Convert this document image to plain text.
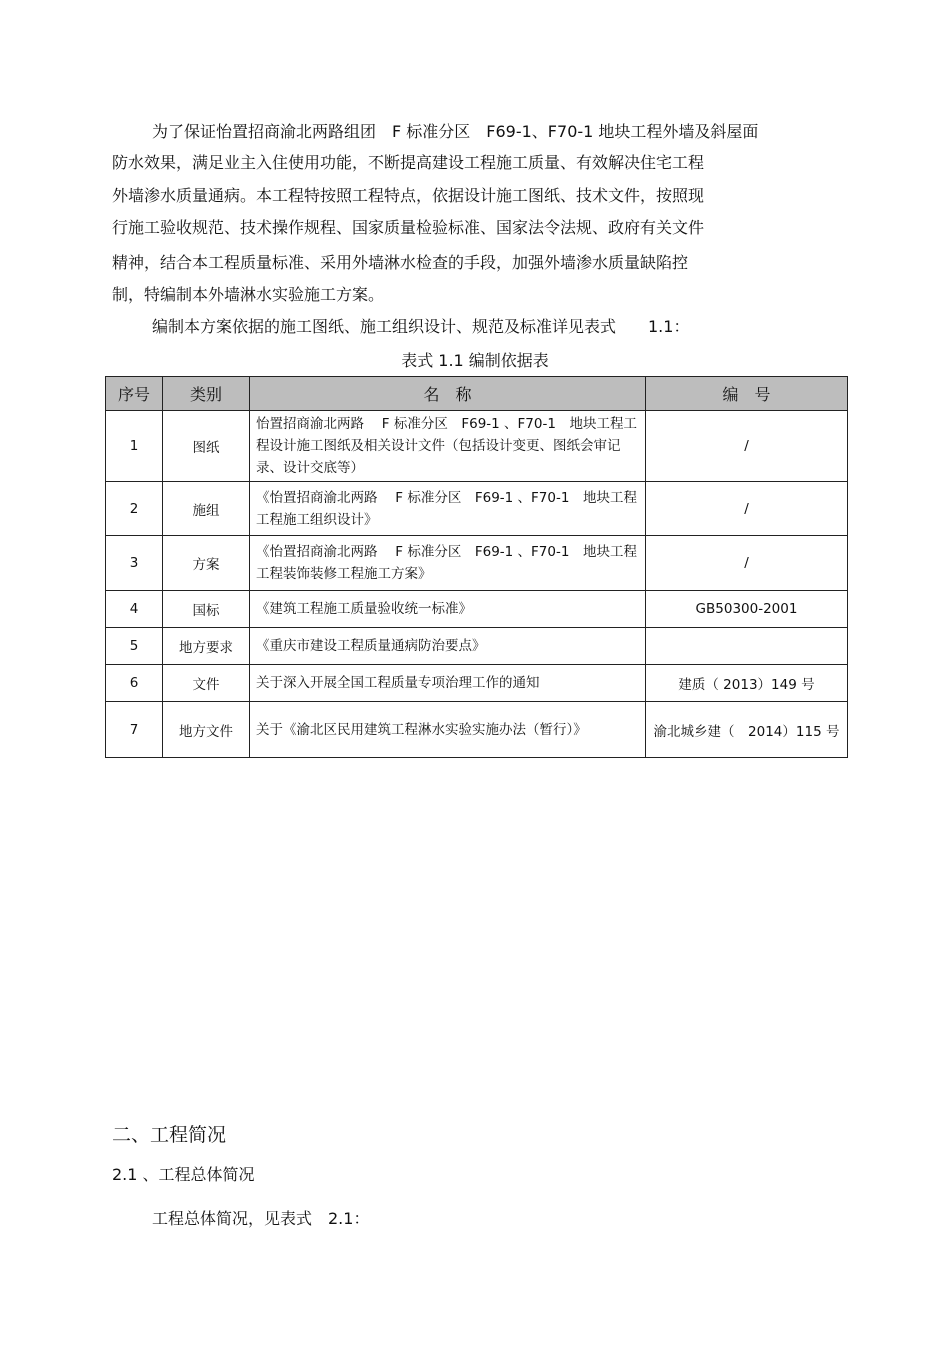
为了保证怡置招商渝北两路组团　F 标准分区　F69-1、F70-1 地块工程外墙及斜屋面
防水效果，满足业主入住使用功能，不断提高建设工程施工质量、有效解决住宅工程
外墙渗水质量通病。本工程特按照工程特点，依据设计施工图纸、技术文件，按照现
行施工验收规范、技术操作规程、国家质量检验标准、国家法令法规、政府有关文件
精神，结合本工程质量标准、采用外墙淋水检查的手段，加强外墙渗水质量缺陷控
制，特编制本外墙淋水实验施工方案。
编制本方案依据的施工图纸、施工组织设计、规范及标准详见表式　　1.1：
表式 1.1 编制依据表
序号	类别	名　称	编　号
1	图纸	怡置招商渝北两路　 F 标准分区　F69-1 、F70-1　地块工程工程设计施工图纸及相关设计文件（包括设计变更、图纸会审记录、设计交底等）	/
2	施组	《怡置招商渝北两路　 F 标准分区　F69-1 、F70-1　地块工程工程施工组织设计》	/
3	方案	《怡置招商渝北两路　 F 标准分区　F69-1 、F70-1　地块工程工程装饰装修工程施工方案》	/
4	国标	《建筑工程施工质量验收统一标准》	GB50300-2001
5	地方要求	《重庆市建设工程质量通病防治要点》	
6	文件	关于深入开展全国工程质量专项治理工作的通知	建质（ 2013）149 号
7	地方文件	关于《渝北区民用建筑工程淋水实验实施办法（暂行）》	渝北城乡建（　2014）115 号
二、工程简况
2.1 、工程总体简况
工程总体简况，见表式　2.1：
